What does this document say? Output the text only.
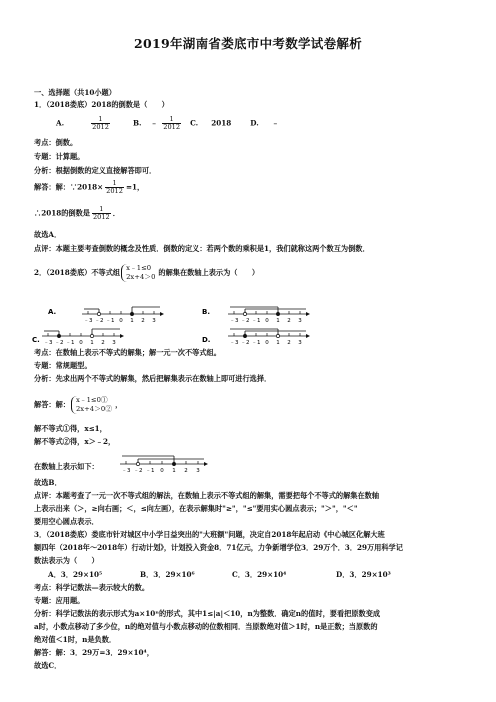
2019年湖南省娄底市中考数学试卷解析
一、选择题（共10小题）
1．（2018娄底）2018的倒数是（　　）
A.	$\frac{1}{2012}$	B. ﹣ $\frac{1}{2012} C$. 2018	D. ﹣
考点：倒数。
专题：计算题。
分析：根据倒数的定义直接解答即可．
解答：解：∵2018× $\frac{1}{2012} =1$，
∴2018的倒数是 $\frac{1}{2012}$ ．
故选A．
点评：本题主要考查倒数的概念及性质．倒数的定义：若两个数的乘积是1，我们就称这两个数互为倒数．
2．（2018娄底）不等式组 x﹣1≤0
2x+4＞0 的解集在数轴上表示为（　　）
A.	B.
C.	D.
﹣3 ﹣2 ﹣1 0 1 2 3	﹣3 ﹣2 ﹣1 0 1 2 3
﹣3 ﹣2 ﹣1 0 1 2 3	﹣3 ﹣2 ﹣1 0 1 2 3
考点：在数轴上表示不等式的解集；解一元一次不等式组。
专题：常规题型。
分析：先求出两个不等式的解集，然后把解集表示在数轴上即可进行选择．
解答：解： x﹣1≤0①
2x+4＞0② ，
解不等式①得，x≤1，
解不等式②得，x＞﹣2，
在数轴上表示如下：	﹣3 ﹣2 ﹣1 0 1 2 3
故选B．
点评：本题考查了一元一次不等式组的解法，在数轴上表示不等式组的解集，需要把每个不等式的解集在数轴
上表示出来（＞，≥向右画；＜，≤向左画），在表示解集时"≥"，"≤"要用实心圆点表示；"＞"，"＜"
要用空心圆点表示．
3．（2018娄底）娄底市针对城区中小学日益突出的"大班额"问题，决定自2018年起启动《中心城区化解大班
额四年（2018年～2018年）行动计划》，计划投入资金8．71亿元，力争新增学位3．29万个．3．29万用科学记
数法表示为（　　）
A．3．29×10⁵	B．3．29×10⁶	C．3．29×10⁴	D．3．29×10³
考点：科学记数法—表示较大的数。
专题：应用题。
分析：科学记数法的表示形式为a×10ⁿ的形式，其中1≤|a|＜10，n为整数．确定n的值时，要看把原数变成
a时，小数点移动了多少位，n的绝对值与小数点移动的位数相同．当原数绝对值＞1时，n是正数；当原数的
绝对值＜1时，n是负数．
解答：解：3．29万=3．29×10⁴，
故选C．
